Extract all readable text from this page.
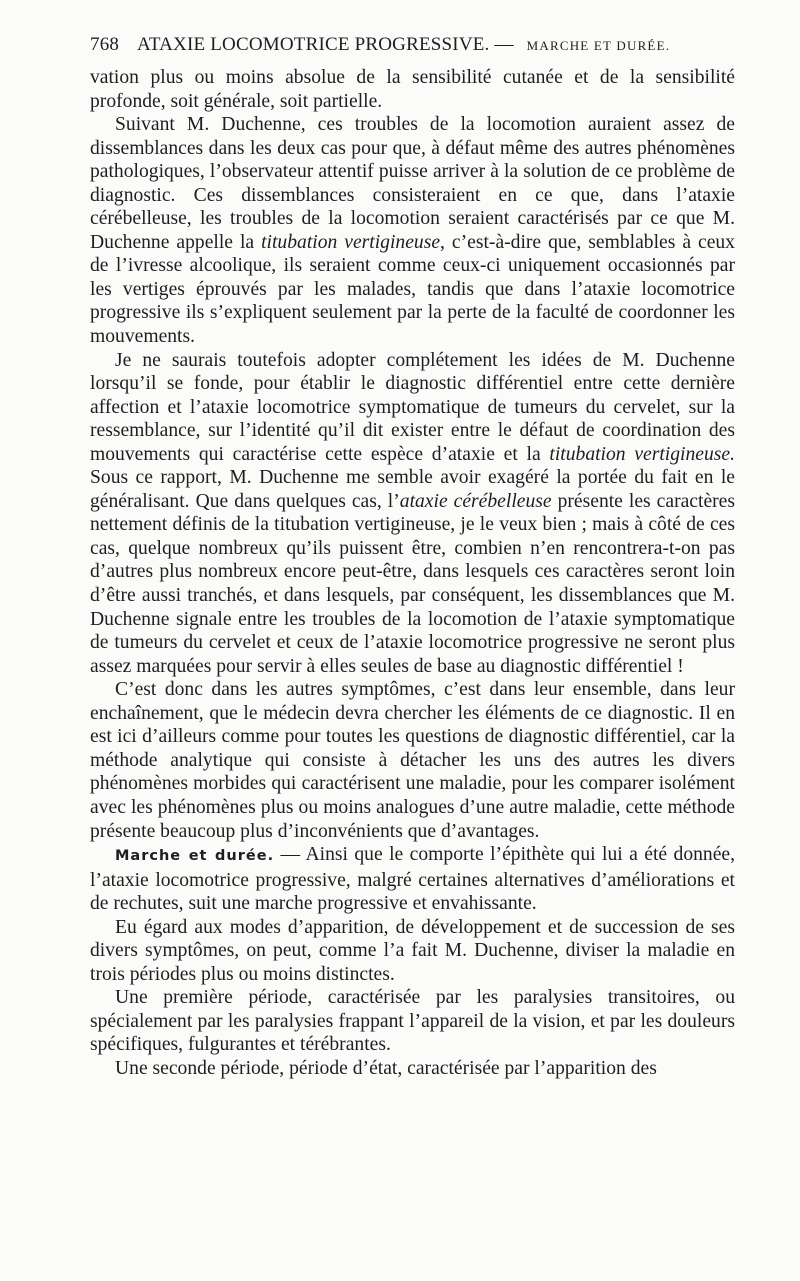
768 ATAXIE LOCOMOTRICE PROGRESSIVE. — MARCHE ET DURÉE.

vation plus ou moins absolue de la sensibilité cutanée et de la sensibilité profonde, soit générale, soit partielle.

Suivant M. Duchenne, ces troubles de la locomotion auraient assez de dissemblances dans les deux cas pour que, à défaut même des autres phénomènes pathologiques, l’observateur attentif puisse arriver à la solution de ce problème de diagnostic. Ces dissemblances consisteraient en ce que, dans l’ataxie cérébelleuse, les troubles de la locomotion seraient caractérisés par ce que M. Duchenne appelle la titubation vertigineuse, c’est-à-dire que, semblables à ceux de l’ivresse alcoolique, ils seraient comme ceux-ci uniquement occasionnés par les vertiges éprouvés par les malades, tandis que dans l’ataxie locomotrice progressive ils s’expliquent seulement par la perte de la faculté de coordonner les mouvements.

Je ne saurais toutefois adopter complétement les idées de M. Duchenne lorsqu’il se fonde, pour établir le diagnostic différentiel entre cette dernière affection et l’ataxie locomotrice symptomatique de tumeurs du cervelet, sur la ressemblance, sur l’identité qu’il dit exister entre le défaut de coordination des mouvements qui caractérise cette espèce d’ataxie et la titubation vertigineuse. Sous ce rapport, M. Duchenne me semble avoir exagéré la portée du fait en le généralisant. Que dans quelques cas, l’ataxie cérébelleuse présente les caractères nettement définis de la titubation vertigineuse, je le veux bien ; mais à côté de ces cas, quelque nombreux qu’ils puissent être, combien n’en rencontrera-t-on pas d’autres plus nombreux encore peut-être, dans lesquels ces caractères seront loin d’être aussi tranchés, et dans lesquels, par conséquent, les dissemblances que M. Duchenne signale entre les troubles de la locomotion de l’ataxie symptomatique de tumeurs du cervelet et ceux de l’ataxie locomotrice progressive ne seront plus assez marquées pour servir à elles seules de base au diagnostic différentiel !

C’est donc dans les autres symptômes, c’est dans leur ensemble, dans leur enchaînement, que le médecin devra chercher les éléments de ce diagnostic. Il en est ici d’ailleurs comme pour toutes les questions de diagnostic différentiel, car la méthode analytique qui consiste à détacher les uns des autres les divers phénomènes morbides qui caractérisent une maladie, pour les comparer isolément avec les phénomènes plus ou moins analogues d’une autre maladie, cette méthode présente beaucoup plus d’inconvénients que d’avantages.

Marche et durée. — Ainsi que le comporte l’épithète qui lui a été donnée, l’ataxie locomotrice progressive, malgré certaines alternatives d’améliorations et de rechutes, suit une marche progressive et envahissante.

Eu égard aux modes d’apparition, de développement et de succession de ses divers symptômes, on peut, comme l’a fait M. Duchenne, diviser la maladie en trois périodes plus ou moins distinctes.

Une première période, caractérisée par les paralysies transitoires, ou spécialement par les paralysies frappant l’appareil de la vision, et par les douleurs spécifiques, fulgurantes et térébrantes.

Une seconde période, période d’état, caractérisée par l’apparition des
